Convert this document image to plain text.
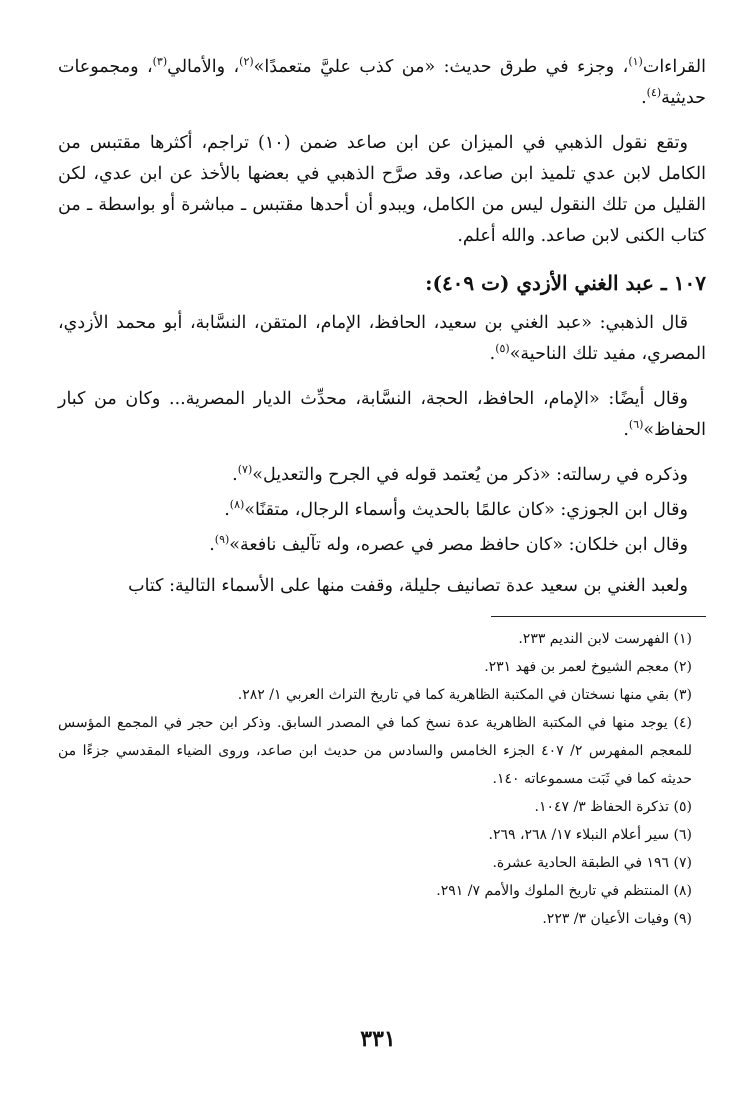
القراءات$^{(١)}$، وجزء في طرق حديث: «من كذب عليَّ متعمدًا»$^{(٢)}$، والأمالي$^{(٣)}$، ومجموعات حديثية$^{(٤)}$.

وتقع نقول الذهبي في الميزان عن ابن صاعد ضمن (١٠) تراجم، أكثرها مقتبس من الكامل لابن عدي تلميذ ابن صاعد، وقد صرَّح الذهبي في بعضها بالأخذ عن ابن عدي، لكن القليل من تلك النقول ليس من الكامل، ويبدو أن أحدها مقتبس ـ مباشرة أو بواسطة ـ من كتاب الكنى لابن صاعد. والله أعلم.

١٠٧ ـ عبد الغني الأزدي (ت ٤٠٩):

قال الذهبي: «عبد الغني بن سعيد، الحافظ، الإمام، المتقن، النسَّابة، أبو محمد الأزدي، المصري، مفيد تلك الناحية»$^{(٥)}$.

وقال أيضًا: «الإمام، الحافظ، الحجة، النسَّابة، محدِّث الديار المصرية... وكان من كبار الحفاظ»$^{(٦)}$.

وذكره في رسالته: «ذكر من يُعتمد قوله في الجرح والتعديل»$^{(٧)}$.
وقال ابن الجوزي: «كان عالمًا بالحديث وأسماء الرجال، متقنًا»$^{(٨)}$.
وقال ابن خلكان: «كان حافظ مصر في عصره، وله تآليف نافعة»$^{(٩)}$.

ولعبد الغني بن سعيد عدة تصانيف جليلة، وقفت منها على الأسماء التالية: كتاب

(١) الفهرست لابن النديم ٢٣٣.
(٢) معجم الشيوخ لعمر بن فهد ٢٣١.
(٣) بقي منها نسختان في المكتبة الظاهرية كما في تاريخ التراث العربي ١/ ٢٨٢.
(٤) يوجد منها في المكتبة الظاهرية عدة نسخ كما في المصدر السابق. وذكر ابن حجر في المجمع المؤسس للمعجم المفهرس ٢/ ٤٠٧ الجزء الخامس والسادس من حديث ابن صاعد، وروى الضياء المقدسي جزءًا من حديثه كما في ثَبَت مسموعاته ١٤٠.
(٥) تذكرة الحفاظ ٣/ ١٠٤٧.
(٦) سير أعلام النبلاء ١٧/ ٢٦٨، ٢٦٩.
(٧) ١٩٦ في الطبقة الحادية عشرة.
(٨) المنتظم في تاريخ الملوك والأمم ٧/ ٢٩١.
(٩) وفيات الأعيان ٣/ ٢٢٣.
٣٣١
